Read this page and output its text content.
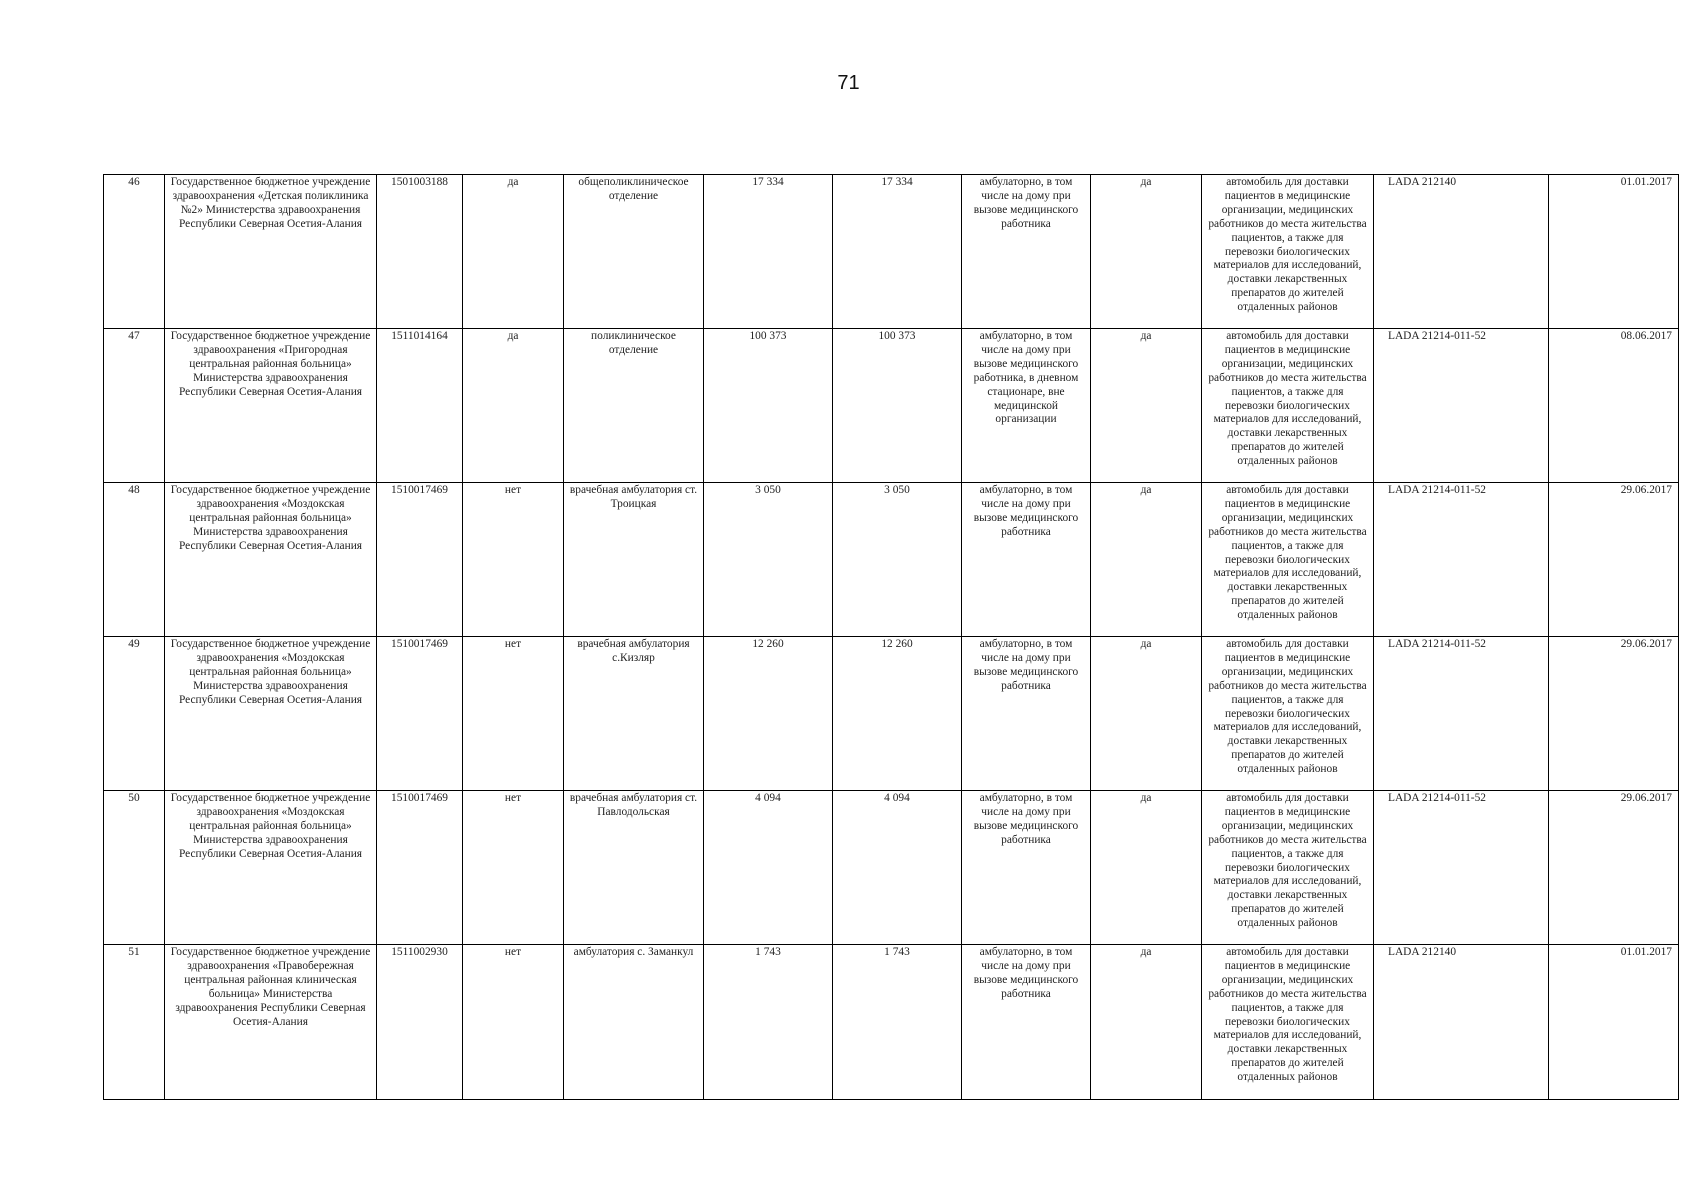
71
46	Государственное бюджетное учреждение здравоохранения «Детская поликлиника №2» Министерства здравоохранения Республики Северная Осетия-Алания	1501003188	да	общеполиклиническое отделение	17 334	17 334	амбулаторно, в том числе на дому при вызове медицинского работника	да	автомобиль для доставки пациентов в медицинские организации, медицинских работников до места жительства пациентов, а также для перевозки биологических материалов для исследований, доставки лекарственных препаратов до жителей отдаленных районов	LADA 212140	01.01.2017
47	Государственное бюджетное учреждение здравоохранения «Пригородная центральная районная больница» Министерства здравоохранения Республики Северная Осетия-Алания	1511014164	да	поликлиническое отделение	100 373	100 373	амбулаторно, в том числе на дому при вызове медицинского работника, в дневном стационаре, вне медицинской организации	да	автомобиль для доставки пациентов в медицинские организации, медицинских работников до места жительства пациентов, а также для перевозки биологических материалов для исследований, доставки лекарственных препаратов до жителей отдаленных районов	LADA 21214-011-52	08.06.2017
48	Государственное бюджетное учреждение здравоохранения «Моздокская центральная районная больница» Министерства здравоохранения Республики Северная Осетия-Алания	1510017469	нет	врачебная амбулатория ст. Троицкая	3 050	3 050	амбулаторно, в том числе на дому при вызове медицинского работника	да	автомобиль для доставки пациентов в медицинские организации, медицинских работников до места жительства пациентов, а также для перевозки биологических материалов для исследований, доставки лекарственных препаратов до жителей отдаленных районов	LADA 21214-011-52	29.06.2017
49	Государственное бюджетное учреждение здравоохранения «Моздокская центральная районная больница» Министерства здравоохранения Республики Северная Осетия-Алания	1510017469	нет	врачебная амбулатория с.Кизляр	12 260	12 260	амбулаторно, в том числе на дому при вызове медицинского работника	да	автомобиль для доставки пациентов в медицинские организации, медицинских работников до места жительства пациентов, а также для перевозки биологических материалов для исследований, доставки лекарственных препаратов до жителей отдаленных районов	LADA 21214-011-52	29.06.2017
50	Государственное бюджетное учреждение здравоохранения «Моздокская центральная районная больница» Министерства здравоохранения Республики Северная Осетия-Алания	1510017469	нет	врачебная амбулатория ст. Павлодольская	4 094	4 094	амбулаторно, в том числе на дому при вызове медицинского работника	да	автомобиль для доставки пациентов в медицинские организации, медицинских работников до места жительства пациентов, а также для перевозки биологических материалов для исследований, доставки лекарственных препаратов до жителей отдаленных районов	LADA 21214-011-52	29.06.2017
51	Государственное бюджетное учреждение здравоохранения «Правобережная центральная районная клиническая больница» Министерства здравоохранения Республики Северная Осетия-Алания	1511002930	нет	амбулатория с. Заманкул	1 743	1 743	амбулаторно, в том числе на дому при вызове медицинского работника	да	автомобиль для доставки пациентов в медицинские организации, медицинских работников до места жительства пациентов, а также для перевозки биологических материалов для исследований, доставки лекарственных препаратов до жителей отдаленных районов	LADA 212140	01.01.2017
